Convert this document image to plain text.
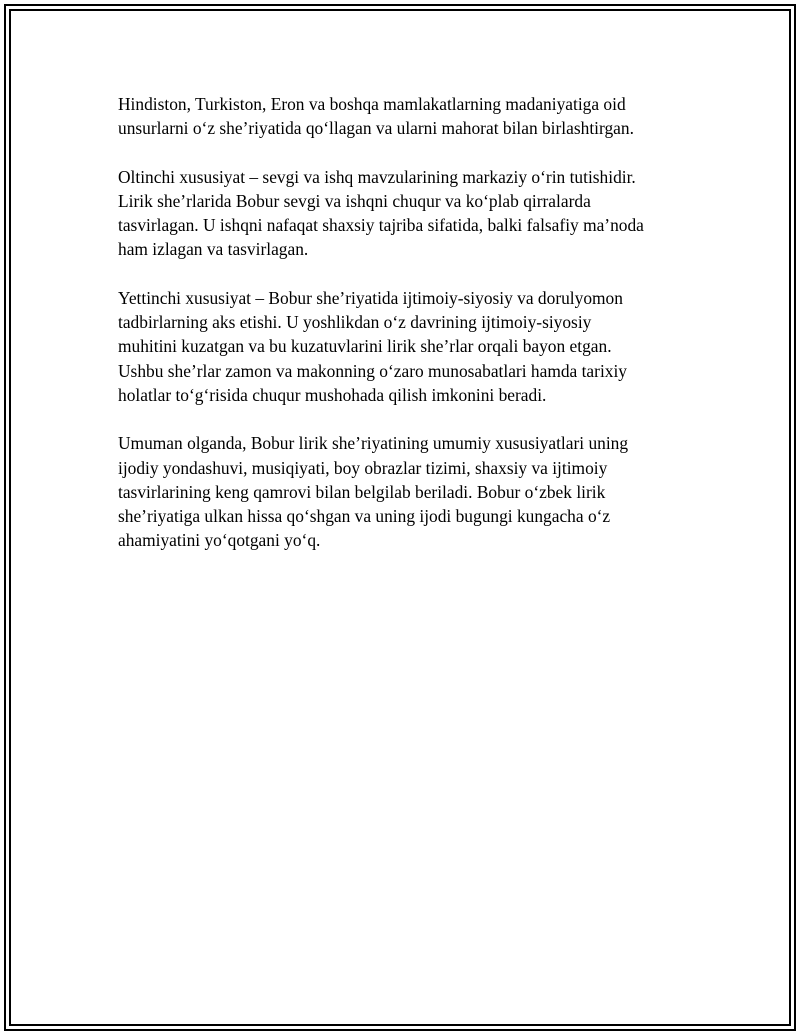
Hindiston, Turkiston, Eron va boshqa mamlakatlarning madaniyatiga oid
unsurlarni o‘z she’riyatida qo‘llagan va ularni mahorat bilan birlashtirgan.

Oltinchi xususiyat – sevgi va ishq mavzularining markaziy o‘rin tutishidir.
Lirik she’rlarida Bobur sevgi va ishqni chuqur va ko‘plab qirralarda
tasvirlagan. U ishqni nafaqat shaxsiy tajriba sifatida, balki falsafiy ma’noda
ham izlagan va tasvirlagan.

Yettinchi xususiyat – Bobur she’riyatida ijtimoiy-siyosiy va dorulyomon
tadbirlarning aks etishi. U yoshlikdan o‘z davrining ijtimoiy-siyosiy
muhitini kuzatgan va bu kuzatuvlarini lirik she’rlar orqali bayon etgan.
Ushbu she’rlar zamon va makonning o‘zaro munosabatlari hamda tarixiy
holatlar to‘g‘risida chuqur mushohada qilish imkonini beradi.

Umuman olganda, Bobur lirik she’riyatining umumiy xususiyatlari uning
ijodiy yondashuvi, musiqiyati, boy obrazlar tizimi, shaxsiy va ijtimoiy
tasvirlarining keng qamrovi bilan belgilab beriladi. Bobur o‘zbek lirik
she’riyatiga ulkan hissa qo‘shgan va uning ijodi bugungi kungacha o‘z
ahamiyatini yo‘qotgani yo‘q.
